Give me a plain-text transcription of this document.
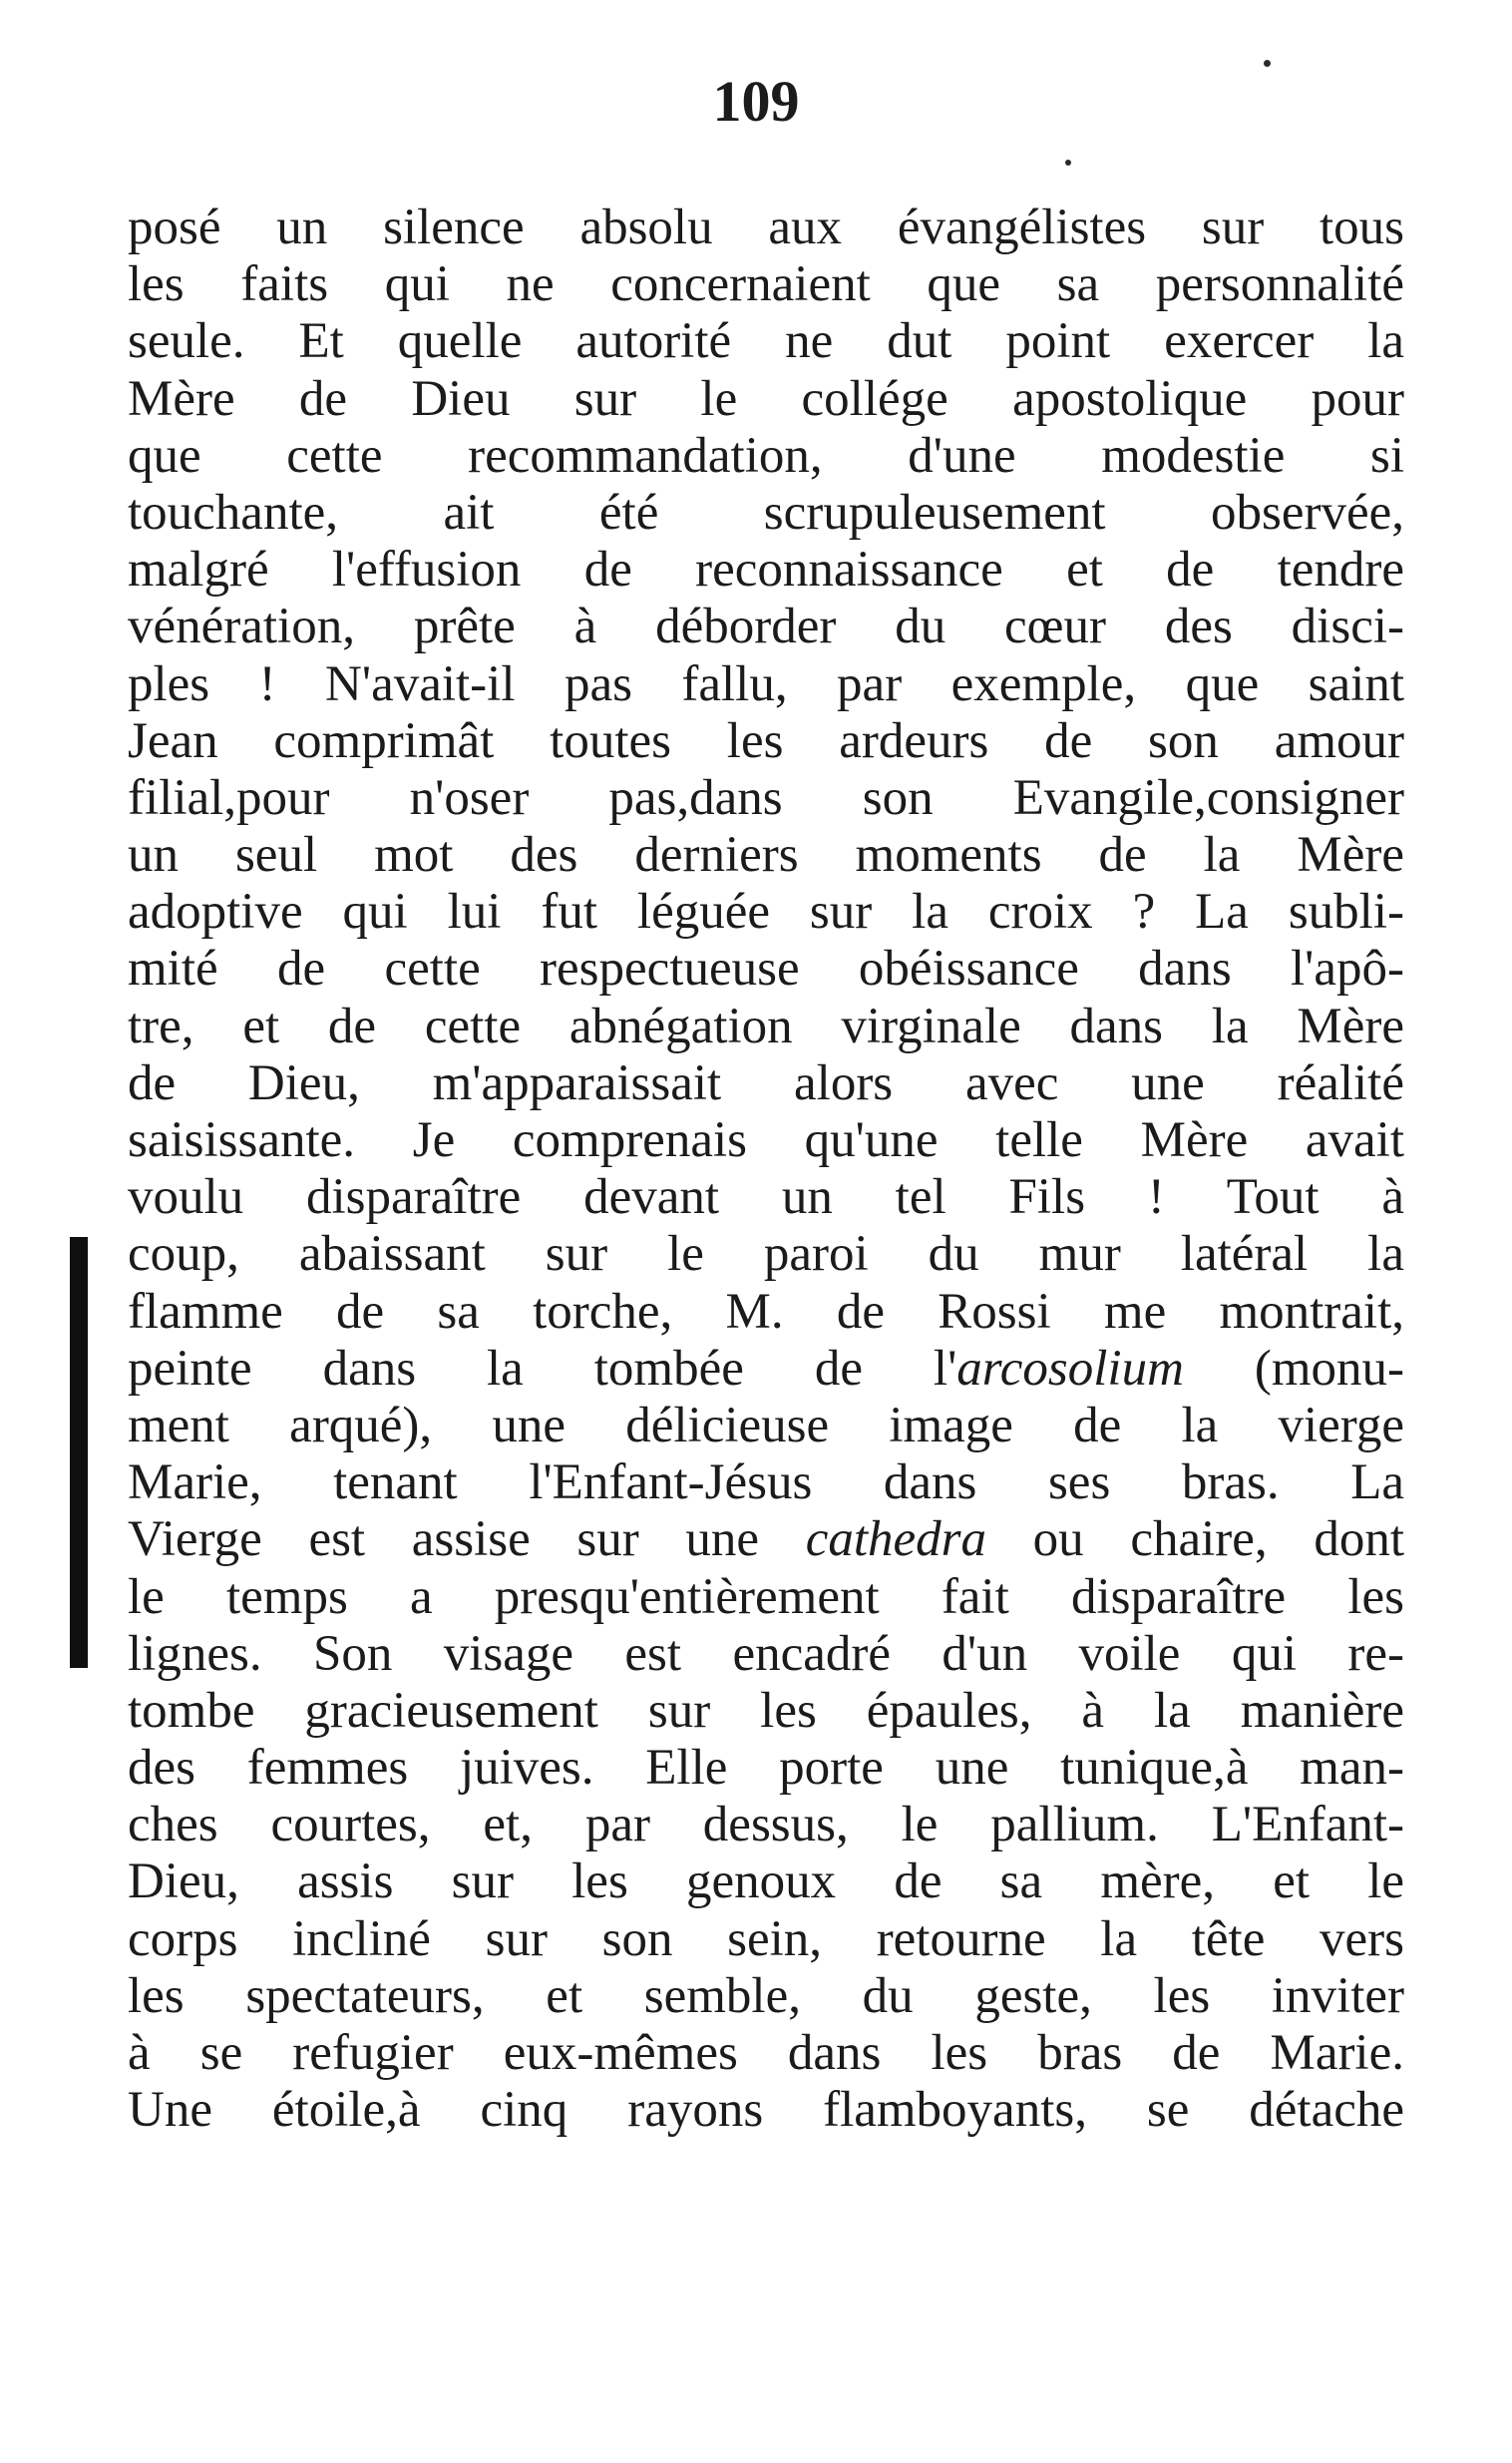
109
posé un silence absolu aux évangélistes sur tous
les faits qui ne concernaient que sa personnalité
seule. Et quelle autorité ne dut point exercer la
Mère de Dieu sur le collége apostolique pour
que cette recommandation, d'une modestie si
touchante, ait été scrupuleusement observée,
malgré l'effusion de reconnaissance et de tendre
vénération, prête à déborder du cœur des disci-
ples ! N'avait-il pas fallu, par exemple, que saint
Jean comprimât toutes les ardeurs de son amour
filial,pour n'oser pas,dans son Evangile,consigner
un seul mot des derniers moments de la Mère
adoptive qui lui fut léguée sur la croix ? La subli-
mité de cette respectueuse obéissance dans l'apô-
tre, et de cette abnégation virginale dans la Mère
de Dieu, m'apparaissait alors avec une réalité
saisissante. Je comprenais qu'une telle Mère avait
voulu disparaître devant un tel Fils ! Tout à
coup, abaissant sur le paroi du mur latéral la
flamme de sa torche, M. de Rossi me montrait,
peinte dans la tombée de l'arcosolium (monu-
ment arqué), une délicieuse image de la vierge
Marie, tenant l'Enfant-Jésus dans ses bras. La
Vierge est assise sur une cathedra ou chaire, dont
le temps a presqu'entièrement fait disparaître les
lignes. Son visage est encadré d'un voile qui re-
tombe gracieusement sur les épaules, à la manière
des femmes juives. Elle porte une tunique,à man-
ches courtes, et, par dessus, le pallium. L'Enfant-
Dieu, assis sur les genoux de sa mère, et le
corps incliné sur son sein, retourne la tête vers
les spectateurs, et semble, du geste, les inviter
à se refugier eux-mêmes dans les bras de Marie.
Une étoile,à cinq rayons flamboyants, se détache
